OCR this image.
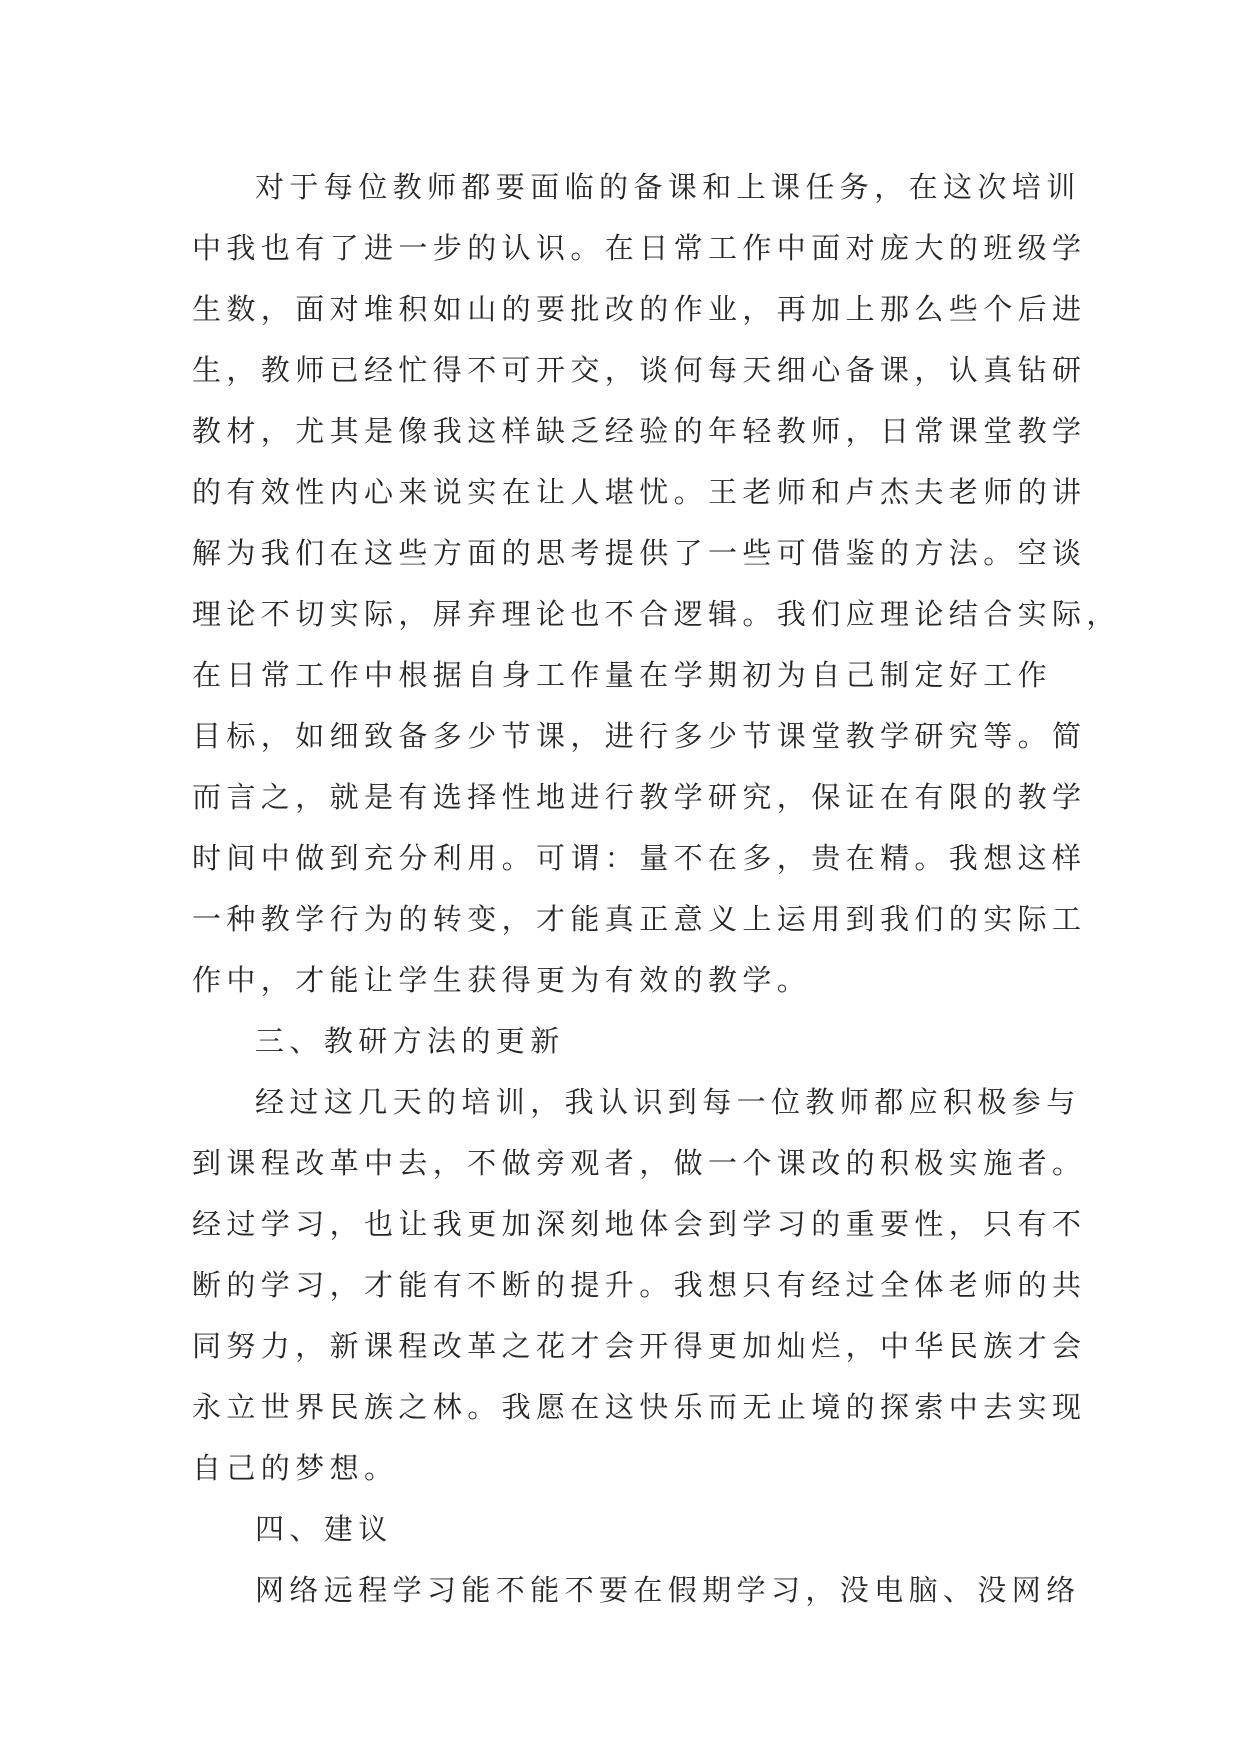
对于每位教师都要面临的备课和上课任务，在这次培训
中我也有了进一步的认识。在日常工作中面对庞大的班级学
生数，面对堆积如山的要批改的作业，再加上那么些个后进
生，教师已经忙得不可开交，谈何每天细心备课，认真钻研
教材，尤其是像我这样缺乏经验的年轻教师，日常课堂教学
的有效性内心来说实在让人堪忧。王老师和卢杰夫老师的讲
解为我们在这些方面的思考提供了一些可借鉴的方法。空谈
理论不切实际，屏弃理论也不合逻辑。我们应理论结合实际，
在日常工作中根据自身工作量在学期初为自己制定好工作
目标，如细致备多少节课，进行多少节课堂教学研究等。简
而言之，就是有选择性地进行教学研究，保证在有限的教学
时间中做到充分利用。可谓：量不在多，贵在精。我想这样
一种教学行为的转变，才能真正意义上运用到我们的实际工
作中，才能让学生获得更为有效的教学。
三、教研方法的更新
经过这几天的培训，我认识到每一位教师都应积极参与
到课程改革中去，不做旁观者，做一个课改的积极实施者。
经过学习，也让我更加深刻地体会到学习的重要性，只有不
断的学习，才能有不断的提升。我想只有经过全体老师的共
同努力，新课程改革之花才会开得更加灿烂，中华民族才会
永立世界民族之林。我愿在这快乐而无止境的探索中去实现
自己的梦想。
四、建议
网络远程学习能不能不要在假期学习，没电脑、没网络
